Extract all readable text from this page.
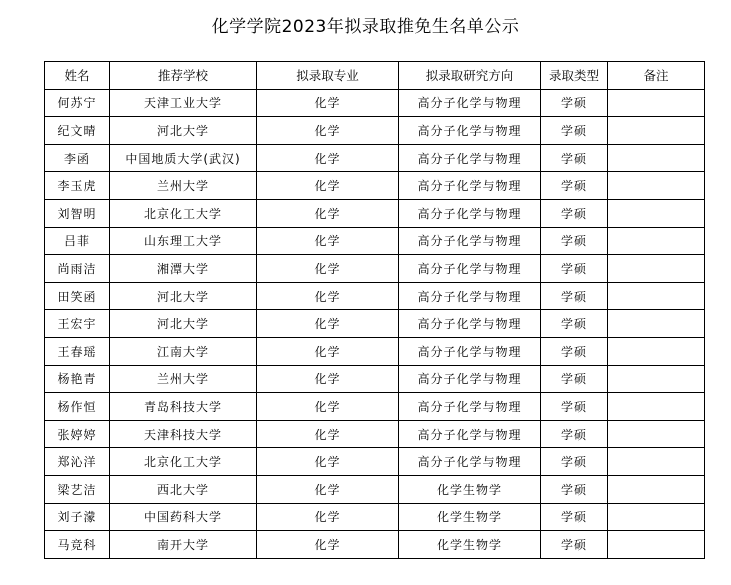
化学学院2023年拟录取推免生名单公示
姓名	推荐学校	拟录取专业	拟录取研究方向	录取类型	备注
何苏宁	天津工业大学	化学	高分子化学与物理	学硕	
纪文晴	河北大学	化学	高分子化学与物理	学硕	
李函	中国地质大学(武汉)	化学	高分子化学与物理	学硕	
李玉虎	兰州大学	化学	高分子化学与物理	学硕	
刘智明	北京化工大学	化学	高分子化学与物理	学硕	
吕菲	山东理工大学	化学	高分子化学与物理	学硕	
尚雨洁	湘潭大学	化学	高分子化学与物理	学硕	
田笑函	河北大学	化学	高分子化学与物理	学硕	
王宏宇	河北大学	化学	高分子化学与物理	学硕	
王春瑶	江南大学	化学	高分子化学与物理	学硕	
杨艳青	兰州大学	化学	高分子化学与物理	学硕	
杨作恒	青岛科技大学	化学	高分子化学与物理	学硕	
张婷婷	天津科技大学	化学	高分子化学与物理	学硕	
郑沁洋	北京化工大学	化学	高分子化学与物理	学硕	
梁艺洁	西北大学	化学	化学生物学	学硕	
刘子濛	中国药科大学	化学	化学生物学	学硕	
马竞科	南开大学	化学	化学生物学	学硕	
